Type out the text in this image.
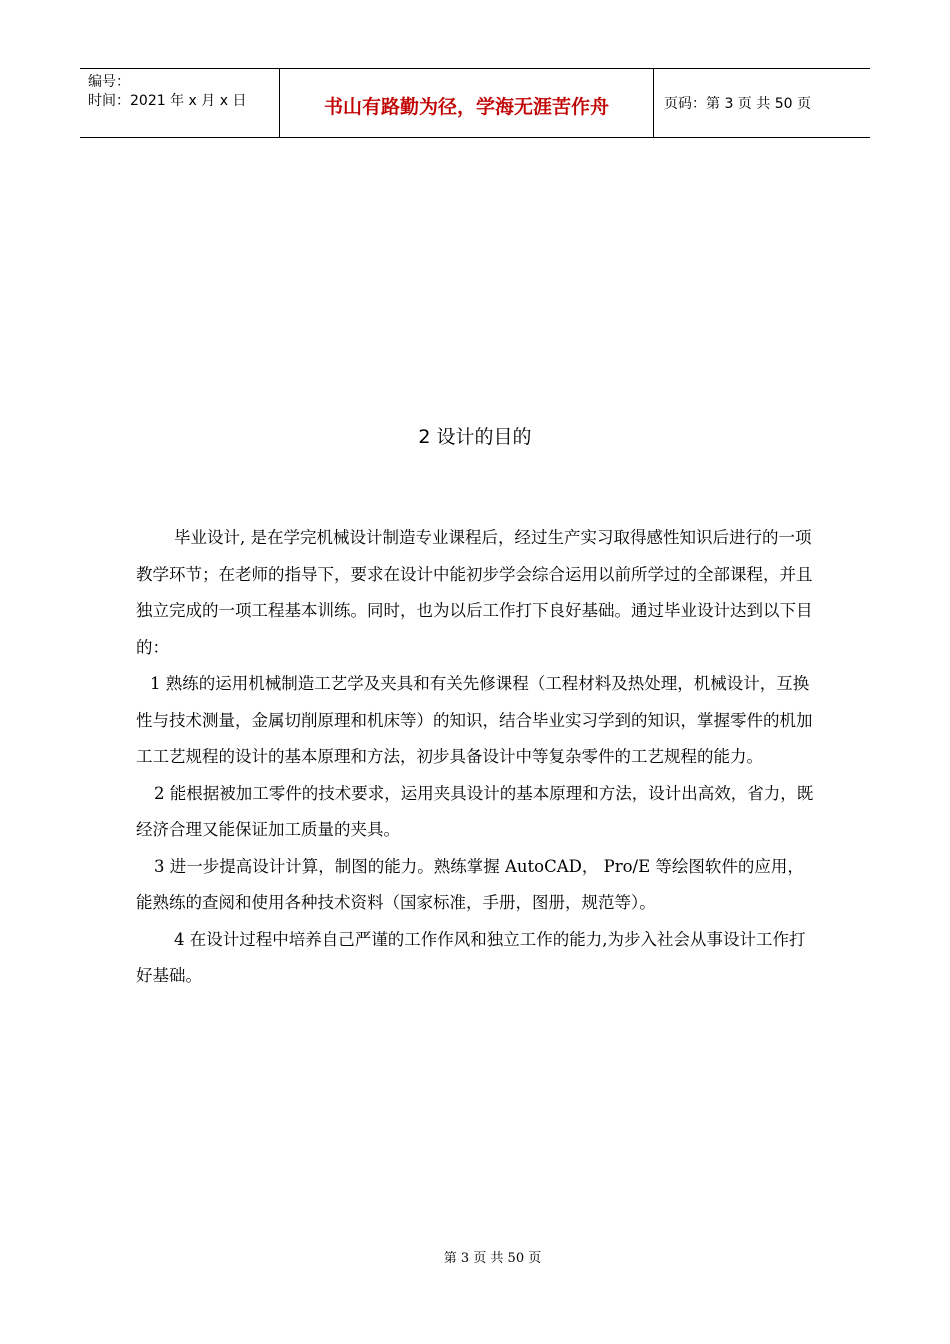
编号：
时间：2021 年 x 月 x 日	书山有路勤为径，学海无涯苦作舟	页码：第 3 页 共 50 页
2 设计的目的

毕业设计, 是在学完机械设计制造专业课程后，经过生产实习取得感性知识后进行的一项教学环节；在老师的指导下，要求在设计中能初步学会综合运用以前所学过的全部课程，并且独立完成的一项工程基本训练。同时，也为以后工作打下良好基础。通过毕业设计达到以下目的：

1 熟练的运用机械制造工艺学及夹具和有关先修课程（工程材料及热处理，机械设计，互换性与技术测量，金属切削原理和机床等）的知识，结合毕业实习学到的知识，掌握零件的机加工工艺规程的设计的基本原理和方法，初步具备设计中等复杂零件的工艺规程的能力。

2 能根据被加工零件的技术要求，运用夹具设计的基本原理和方法，设计出高效，省力，既经济合理又能保证加工质量的夹具。

3 进一步提高设计计算，制图的能力。熟练掌握 AutoCAD， Pro/E 等绘图软件的应用，能熟练的查阅和使用各种技术资料（国家标准，手册，图册，规范等）。

4 在设计过程中培养自己严谨的工作作风和独立工作的能力,为步入社会从事设计工作打好基础。

第 3 页 共 50 页
